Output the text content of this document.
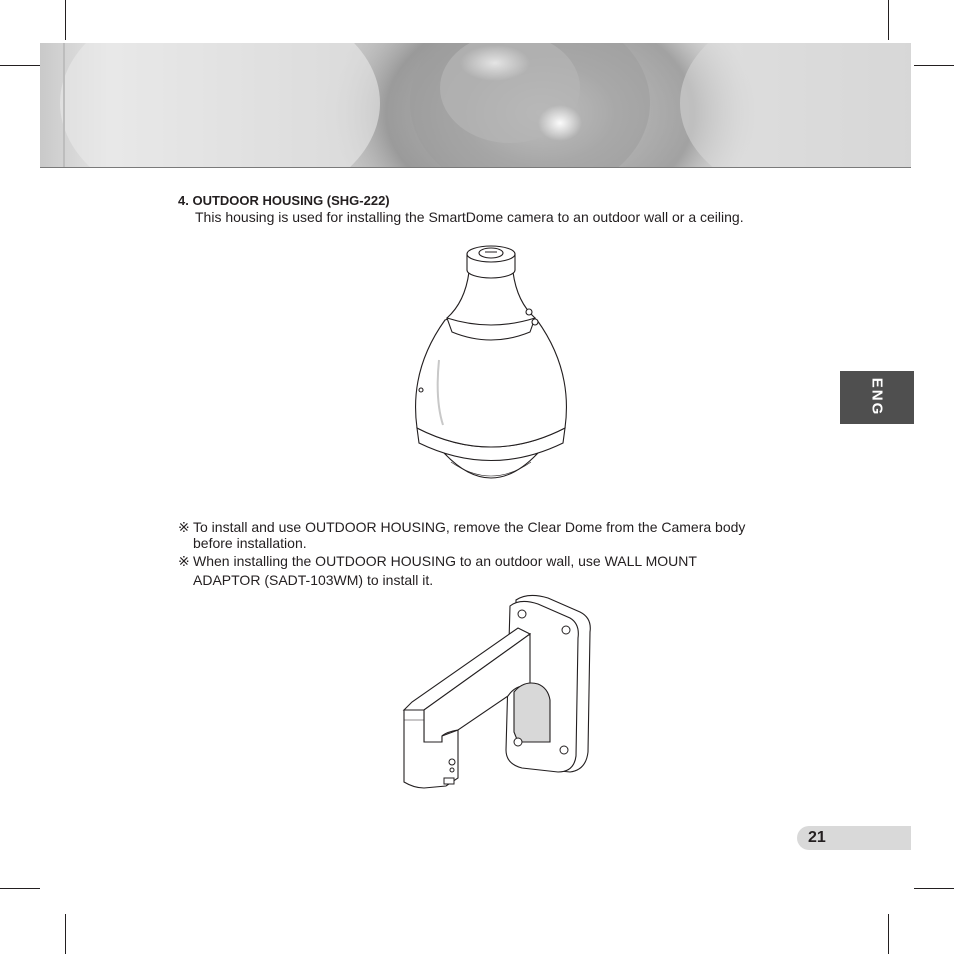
ENG
4. OUTDOOR HOUSING (SHG-222)
This housing is used for installing the SmartDome camera to an outdoor wall or a ceiling.
※ To install and use OUTDOOR HOUSING, remove the Clear Dome from the Camera body
before installation.
※ When installing the OUTDOOR HOUSING to an outdoor wall, use WALL MOUNT
ADAPTOR (SADT-103WM) to install it.
21
